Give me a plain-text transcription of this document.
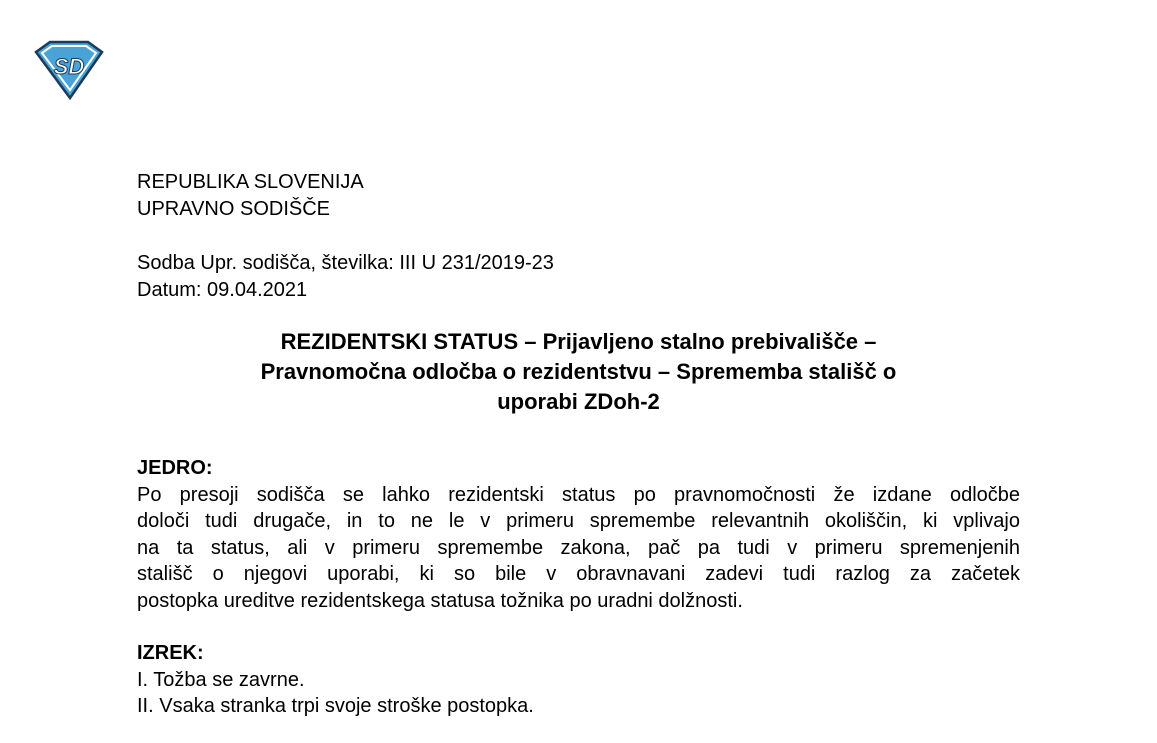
SD
REPUBLIKA SLOVENIJA
UPRAVNO SODIŠČE
Sodba Upr. sodišča, številka: III U 231/2019-23
Datum: 09.04.2021
REZIDENTSKI STATUS – Prijavljeno stalno prebivališče –
Pravnomočna odločba o rezidentstvu – Sprememba stališč o
uporabi ZDoh-2
JEDRO:
Po presoji sodišča se lahko rezidentski status po pravnomočnosti že izdane odločbe
določi tudi drugače, in to ne le v primeru spremembe relevantnih okoliščin, ki vplivajo
na ta status, ali v primeru spremembe zakona, pač pa tudi v primeru spremenjenih
stališč o njegovi uporabi, ki so bile v obravnavani zadevi tudi razlog za začetek
postopka ureditve rezidentskega statusa tožnika po uradni dolžnosti.
IZREK:
I. Tožba se zavrne.
II. Vsaka stranka trpi svoje stroške postopka.
